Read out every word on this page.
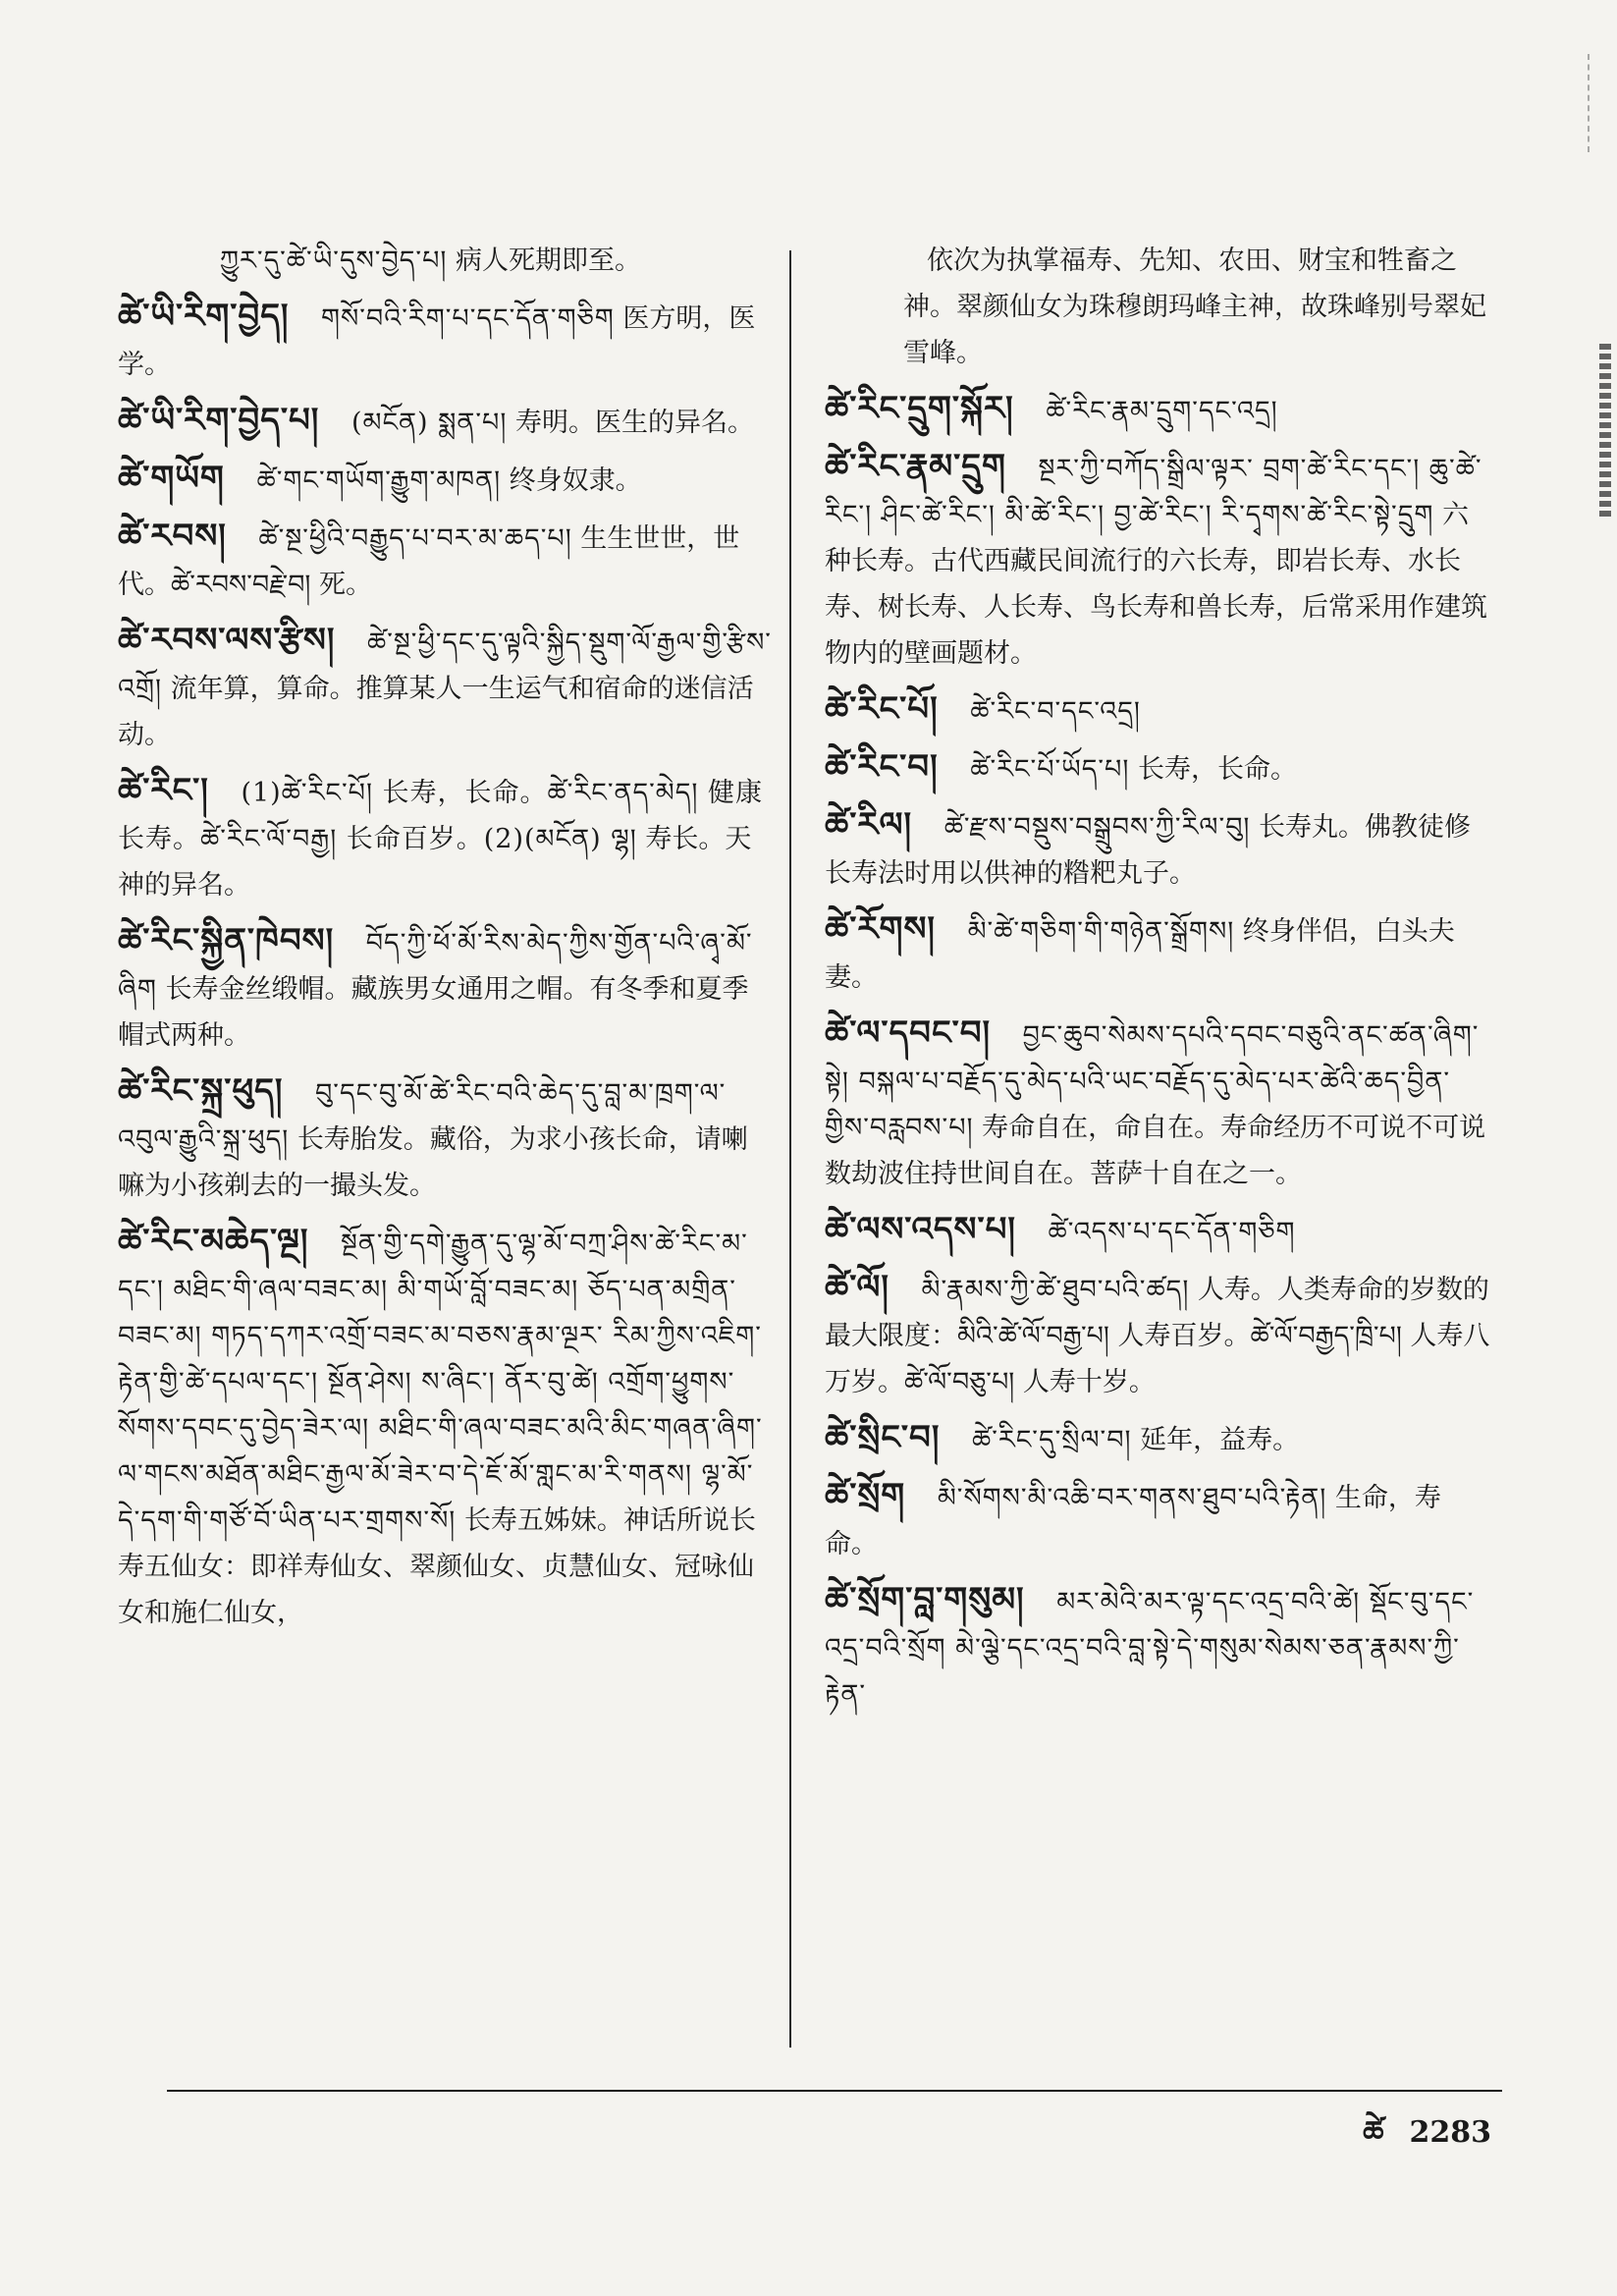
ཀྱུར་དུ་ཚེ་ཡི་དུས་བྱེད་པ། 病人死期即至。

ཚེ་ཡི་རིག་བྱེད། གསོ་བའི་རིག་པ་དང་དོན་གཅིག 医方明，医学。

ཚེ་ཡི་རིག་བྱེད་པ། (མངོན) སྨན་པ། 寿明。医生的异名。

ཚེ་གཡོག ཚེ་གང་གཡོག་རྒྱུག་མཁན། 终身奴隶。

ཚེ་རབས། ཚེ་སྔ་ཕྱིའི་བརྒྱུད་པ་བར་མ་ཆད་པ། 生生世世，世代。ཚེ་རབས་བརྗེ་བ། 死。

ཚེ་རབས་ལས་རྩིས། ཚེ་སྔ་ཕྱི་དང་དུ་ལྟའི་སྐྱིད་སྡུག་ལོ་རྒྱལ་གྱི་རྩིས་འགྲོ། 流年算，算命。推算某人一生运气和宿命的迷信活动。

ཚེ་རིང་། (1)ཚེ་རིང་པོ། 长寿，长命。ཚེ་རིང་ནད་མེད། 健康长寿。ཚེ་རིང་ལོ་བརྒྱ། 长命百岁。(2)(མངོན) ལྷ། 寿长。天神的异名。

ཚེ་རིང་སྐྱིན་ཁེབས། བོད་ཀྱི་ཕོ་མོ་རིས་མེད་ཀྱིས་གྱོན་པའི་ཞྭ་མོ་ཞིག 长寿金丝缎帽。藏族男女通用之帽。有冬季和夏季帽式两种。

ཚེ་རིང་སྐྲ་ཕུད། བུ་དང་བུ་མོ་ཚེ་རིང་བའི་ཆེད་དུ་བླ་མ་ཁྲག་ལ་འབུལ་རྒྱུའི་སྐྲ་ཕུད། 长寿胎发。藏俗，为求小孩长命，请喇嘛为小孩剃去的一撮头发。

ཚེ་རིང་མཆེད་ལྔ། སྔོན་གྱི་དགེ་རྒྱུན་དུ་ལྷ་མོ་བཀྲ་ཤིས་ཚེ་རིང་མ་དང་། མཐིང་གི་ཞལ་བཟང་མ། མི་གཡོ་བློ་བཟང་མ། ཅོད་པན་མགྲིན་བཟང་མ། གཏད་དཀར་འགྲོ་བཟང་མ་བཅས་རྣམ་ལྔར་ རིམ་ཀྱིས་འཇིག་རྟེན་གྱི་ཚེ་དཔལ་དང་། སྔོན་ཤེས། ས་ཞིང་། ནོར་བུ་ཚེ། འགྲོག་ཕྱུགས་སོགས་དབང་དུ་བྱེད་ཟེར་ལ། མཐིང་གི་ཞལ་བཟང་མའི་མིང་གཞན་ཞིག་ལ་གངས་མཐོན་མཐིང་རྒྱལ་མོ་ཟེར་བ་དེ་ཇོ་མོ་གླང་མ་རི་གནས། ལྷ་མོ་དེ་དག་གི་གཙོ་བོ་ཡིན་པར་གྲགས་སོ། 长寿五姊妹。神话所说长寿五仙女：即祥寿仙女、翠颜仙女、贞慧仙女、冠咏仙女和施仁仙女，

依次为执掌福寿、先知、农田、财宝和牲畜之神。翠颜仙女为珠穆朗玛峰主神，故珠峰别号翠妃雪峰。

ཚེ་རིང་དྲུག་སྐོར། ཚེ་རིང་རྣམ་དྲུག་དང་འདྲ།

ཚེ་རིང་རྣམ་དྲུག སྔར་ཀྱི་བཀོད་སྒྲིལ་ལྟར་ བྲག་ཚེ་རིང་དང་། ཆུ་ཚེ་རིང་། ཤིང་ཚེ་རིང་། མི་ཚེ་རིང་། བྱ་ཚེ་རིང་། རི་དྭགས་ཚེ་རིང་སྟེ་དྲུག 六种长寿。古代西藏民间流行的六长寿，即岩长寿、水长寿、树长寿、人长寿、鸟长寿和兽长寿，后常采用作建筑物内的壁画题材。

ཚེ་རིང་པོ། ཚེ་རིང་བ་དང་འདྲ།

ཚེ་རིང་བ། ཚེ་རིང་པོ་ཡོད་པ། 长寿，长命。

ཚེ་རིལ། ཚེ་རྫས་བསྡུས་བསྒྲུབས་ཀྱི་རིལ་བུ། 长寿丸。佛教徒修长寿法时用以供神的糌粑丸子。

ཚེ་རོགས། མི་ཚེ་གཅིག་གི་གཉེན་སྒྲོགས། 终身伴侣，白头夫妻。

ཚེ་ལ་དབང་བ། བྱང་ཆུབ་སེམས་དཔའི་དབང་བཅུའི་ནང་ཚན་ཞིག་སྟེ། བསྐལ་པ་བརྗོད་དུ་མེད་པའི་ཡང་བརྗོད་དུ་མེད་པར་ཚེའི་ཆད་བྱིན་གྱིས་བརླབས་པ། 寿命自在，命自在。寿命经历不可说不可说数劫波住持世间自在。菩萨十自在之一。

ཚེ་ལས་འདས་པ། ཚེ་འདས་པ་དང་དོན་གཅིག

ཚེ་ལོ། མི་རྣམས་ཀྱི་ཚེ་ཐུབ་པའི་ཚད། 人寿。人类寿命的岁数的最大限度：མིའི་ཚེ་ལོ་བརྒྱ་པ། 人寿百岁。ཚེ་ལོ་བརྒྱད་ཁྲི་པ། 人寿八万岁。ཚེ་ལོ་བཅུ་པ། 人寿十岁。

ཚེ་སྲིང་བ། ཚེ་རིང་དུ་སྲིལ་བ། 延年，益寿。

ཚེ་སྲོག མི་སོགས་མི་འཆི་བར་གནས་ཐུབ་པའི་རྟེན། 生命，寿命。

ཚེ་སྲོག་བླ་གསུམ། མར་མེའི་མར་ལྟ་དང་འདྲ་བའི་ཚེ། སྡོང་བུ་དང་འདྲ་བའི་སྲོག མེ་ལྕེ་དང་འདྲ་བའི་བླ་སྟེ་དེ་གསུམ་སེམས་ཅན་རྣམས་ཀྱི་རྟེན་

ཚེ 2283
